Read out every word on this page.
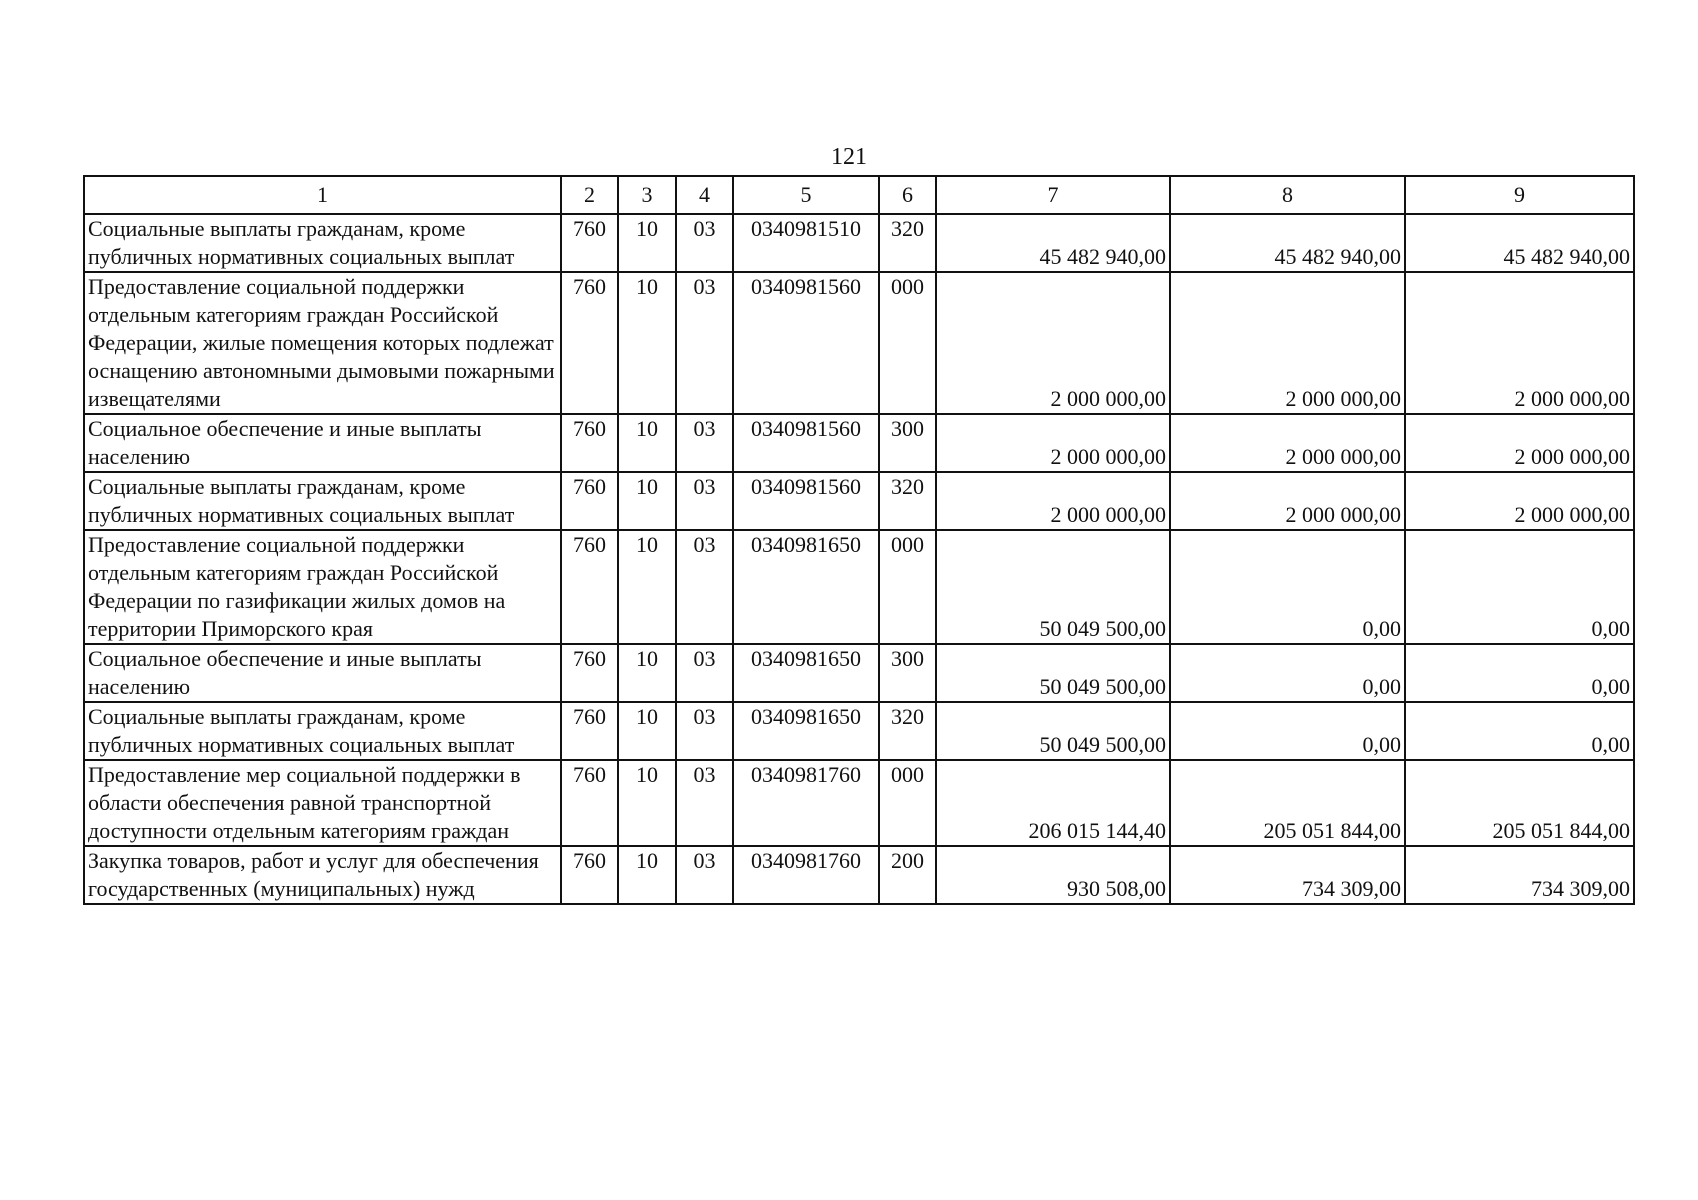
121
1	2	3	4	5	6	7	8	9
Социальные выплаты гражданам, кроме публичных нормативных социальных выплат	760	10	03	0340981510	320	45 482 940,00	45 482 940,00	45 482 940,00
Предоставление социальной поддержки отдельным категориям граждан Российской Федерации, жилые помещения которых подлежат оснащению автономными дымовыми пожарными извещателями	760	10	03	0340981560	000	2 000 000,00	2 000 000,00	2 000 000,00
Социальное обеспечение и иные выплаты населению	760	10	03	0340981560	300	2 000 000,00	2 000 000,00	2 000 000,00
Социальные выплаты гражданам, кроме публичных нормативных социальных выплат	760	10	03	0340981560	320	2 000 000,00	2 000 000,00	2 000 000,00
Предоставление социальной поддержки отдельным категориям граждан Российской Федерации по газификации жилых домов на территории Приморского края	760	10	03	0340981650	000	50 049 500,00	0,00	0,00
Социальное обеспечение и иные выплаты населению	760	10	03	0340981650	300	50 049 500,00	0,00	0,00
Социальные выплаты гражданам, кроме публичных нормативных социальных выплат	760	10	03	0340981650	320	50 049 500,00	0,00	0,00
Предоставление мер социальной поддержки в области обеспечения равной транспортной доступности отдельным категориям граждан	760	10	03	0340981760	000	206 015 144,40	205 051 844,00	205 051 844,00
Закупка товаров, работ и услуг для обеспечения государственных (муниципальных) нужд	760	10	03	0340981760	200	930 508,00	734 309,00	734 309,00
